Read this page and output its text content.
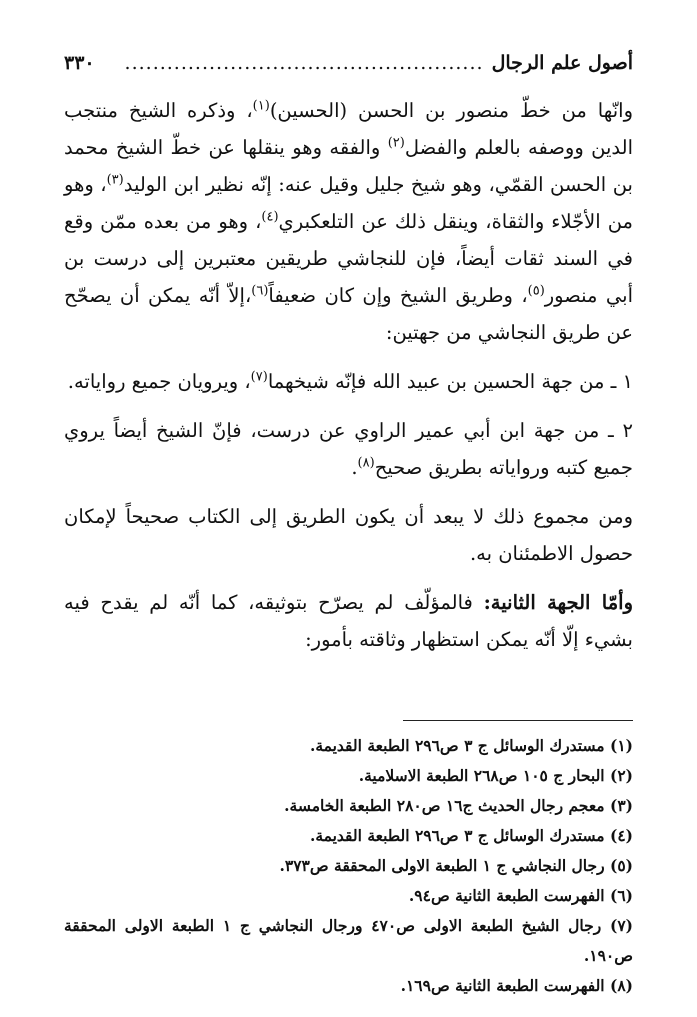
أصول علم الرجال
...................................................
٣٣٠

وانّها من خطّ منصور بن الحسن (الحسين)$^{(١)}$، وذكره الشيخ منتجب الدين ووصفه بالعلم والفضل$^{(٢)}$ والفقه وهو ينقلها عن خطّ الشيخ محمد بن الحسن القمّي، وهو شيخ جليل وقيل عنه: إنّه نظير ابن الوليد$^{(٣)}$، وهو من الأجّلاء والثقاة، وينقل ذلك عن التلعكبري$^{(٤)}$، وهو من بعده ممّن وقع في السند ثقات أيضاً، فإن للنجاشي طريقين معتبرين إلى درست بن أبي منصور$^{(٥)}$، وطريق الشيخ وإن كان ضعيفاً$^{(٦)}$،إلاّ أنّه يمكن أن يصحّح عن طريق النجاشي من جهتين:

١ ـ من جهة الحسين بن عبيد الله فإنّه شيخهما$^{(٧)}$، ويرويان جميع رواياته.

٢ ـ من جهة ابن أبي عمير الراوي عن درست، فإنّ الشيخ أيضاً يروي جميع كتبه ورواياته بطريق صحيح$^{(٨)}$.

ومن مجموع ذلك لا يبعد أن يكون الطريق إلى الكتاب صحيحاً لإمكان حصول الاطمئنان به.

وأمّا الجهة الثانية: فالمؤلّف لم يصرّح بتوثيقه، كما أنّه لم يقدح فيه بشيء إلّا أنّه يمكن استظهار وثاقته بأمور:

(١) مستدرك الوسائل ج ٣ ص٢٩٦ الطبعة القديمة.

(٢) البحار ج ١٠٥ ص٢٦٨ الطبعة الاسلامية.

(٣) معجم رجال الحديث ج١٦ ص٢٨٠ الطبعة الخامسة.

(٤) مستدرك الوسائل ج ٣ ص٢٩٦ الطبعة القديمة.

(٥) رجال النجاشي ج ١ الطبعة الاولى المحققة ص٣٧٣.

(٦) الفهرست الطبعة الثانية ص٩٤.

(٧) رجال الشيخ الطبعة الاولى ص٤٧٠ ورجال النجاشي ج ١ الطبعة الاولى المحققة ص١٩٠.

(٨) الفهرست الطبعة الثانية ص١٦٩.
